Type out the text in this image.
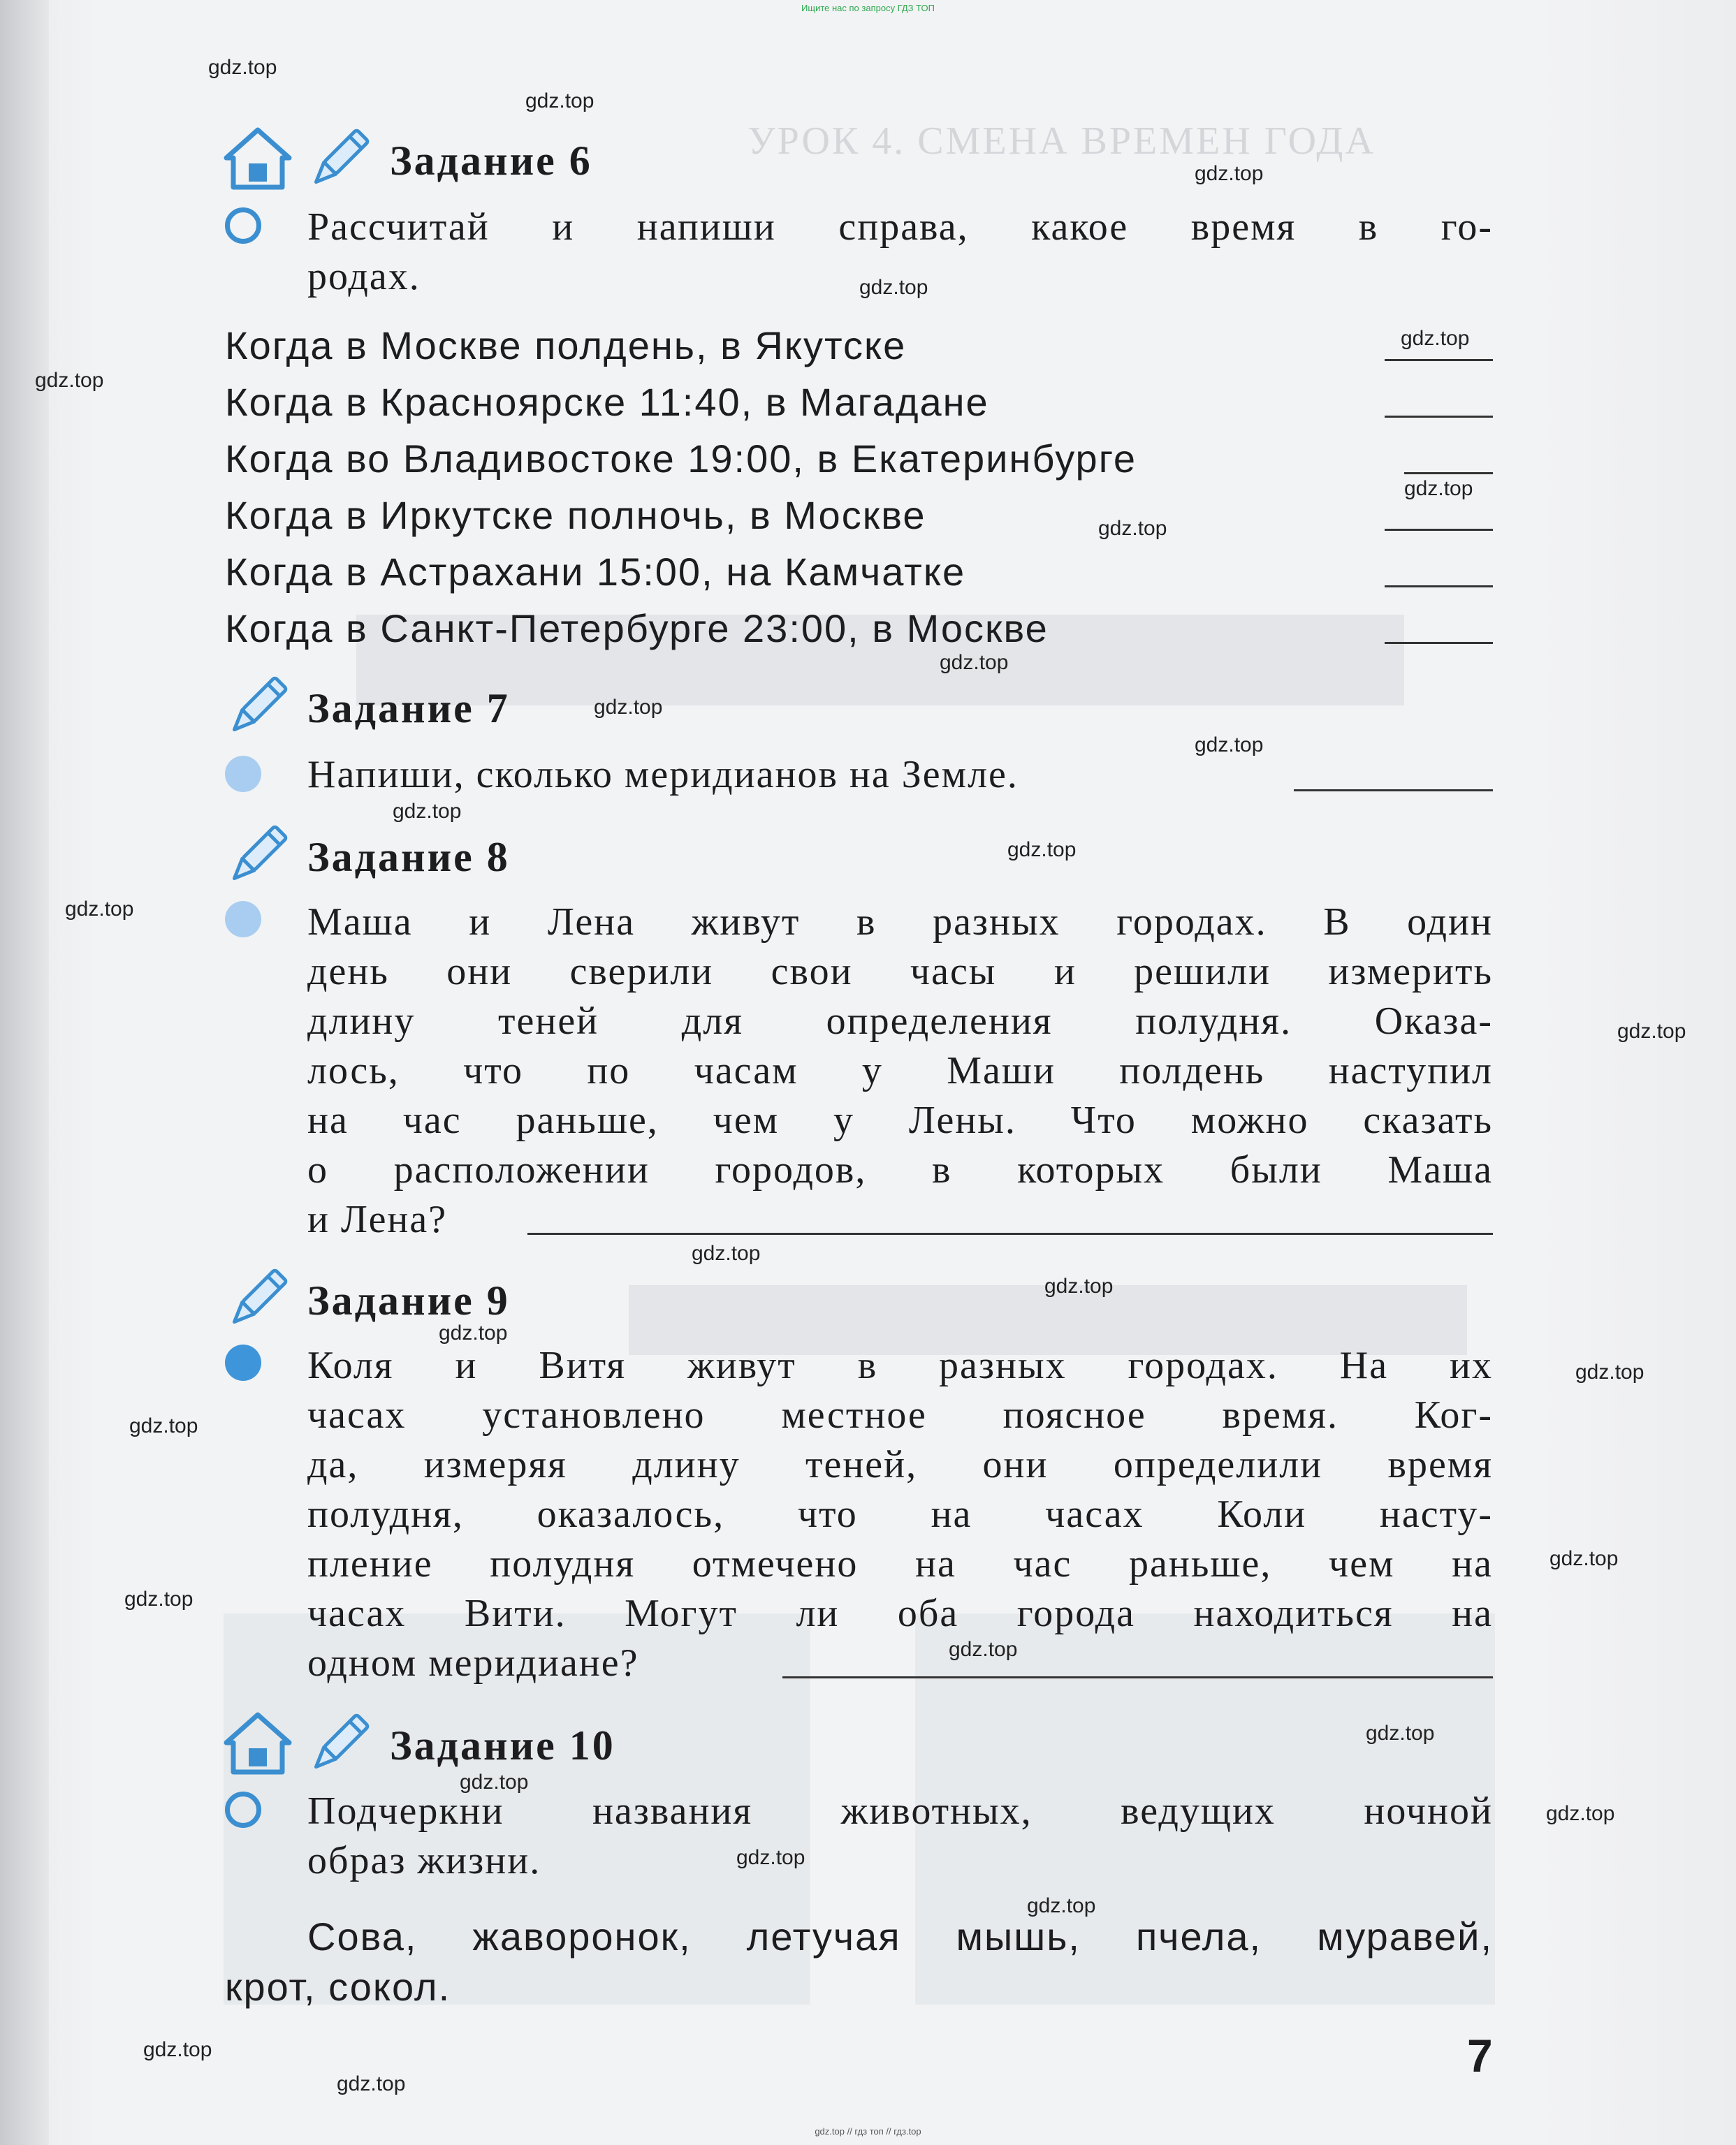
Ищите нас по запросу ГДЗ ТОП
УРОК 4. СМЕНА ВРЕМЕН ГОДА
Задание 6
Рассчитай и напиши справа, какое время в го-
родах.
Когда в Москве полдень, в Якутске
Когда в Красноярске 11:40, в Магадане
Когда во Владивостоке 19:00, в Екатеринбурге
Когда в Иркутске полночь, в Москве
Когда в Астрахани 15:00, на Камчатке
Когда в Санкт-Петербурге 23:00, в Москве
Задание 7
Напиши, сколько меридианов на Земле.
Задание 8
Маша и Лена живут в разных городах. В один
день они сверили свои часы и решили измерить
длину теней для определения полудня. Оказа-
лось, что по часам у Маши полдень наступил
на час раньше, чем у Лены. Что можно сказать
о расположении городов, в которых были Маша
и Лена?
Задание 9
Коля и Витя живут в разных городах. На их
часах установлено местное поясное время. Ког-
да, измеряя длину теней, они определили время
полудня, оказалось, что на часах Коли насту-
пление полудня отмечено на час раньше, чем на
часах Вити. Могут ли оба города находиться на
одном меридиане?
Задание 10
Подчеркни названия животных, ведущих ночной
образ жизни.
Сова, жаворонок, летучая мышь, пчела, муравей,
крот, сокол.
7
gdz.top
gdz.top
gdz.top
gdz.top
gdz.top
gdz.top
gdz.top
gdz.top
gdz.top
gdz.top
gdz.top
gdz.top
gdz.top
gdz.top
gdz.top
gdz.top
gdz.top
gdz.top
gdz.top
gdz.top
gdz.top
gdz.top
gdz.top
gdz.top
gdz.top
gdz.top
gdz.top
gdz.top
gdz.top
gdz.top
gdz.top // гдз топ // гдз.top
